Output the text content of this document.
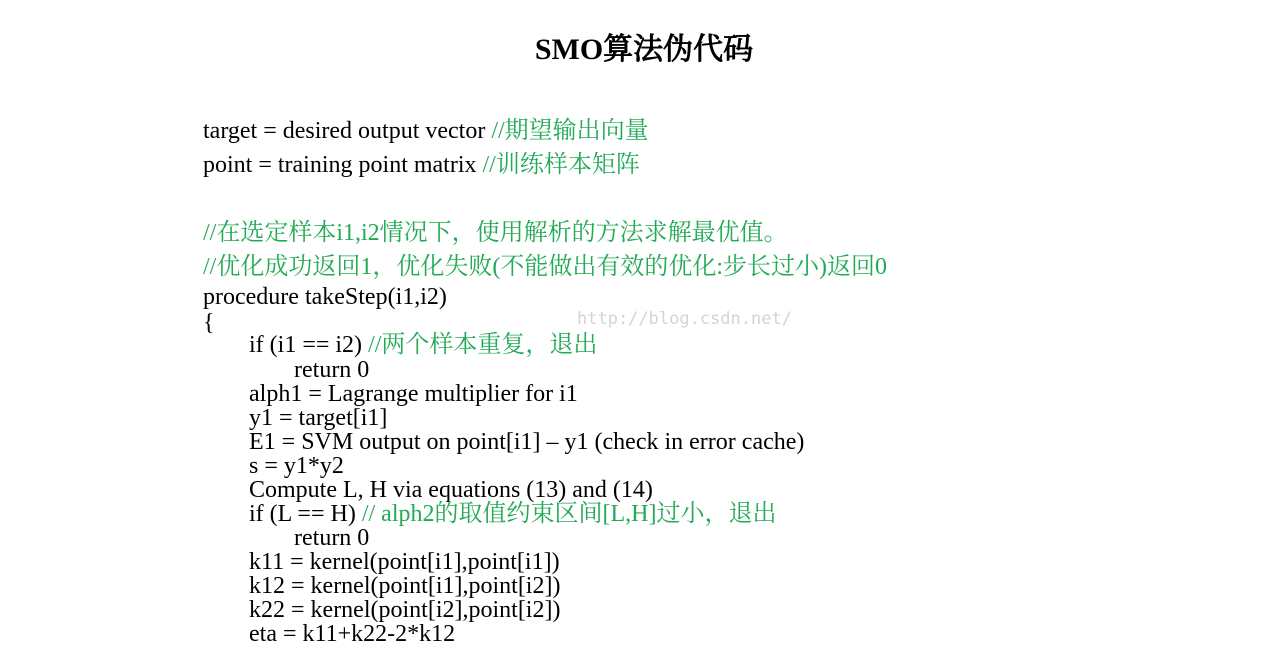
SMO算法伪代码

target = desired output vector //期望输出向量

point = training point matrix //训练样本矩阵

//在选定样本i1,i2情况下，使用解析的方法求解最优值。

//优化成功返回1，优化失败(不能做出有效的优化:步长过小)返回0

procedure takeStep(i1,i2)

{	http://blog.csdn.net/

if (i1 == i2) //两个样本重复，退出

return 0

alph1 = Lagrange multiplier for i1

y1 = target[i1]

E1 = SVM output on point[i1] – y1 (check in error cache)

s = y1*y2

Compute L, H via equations (13) and (14)

if (L == H) // alph2的取值约束区间[L,H]过小，退出

return 0

k11 = kernel(point[i1],point[i1])

k12 = kernel(point[i1],point[i2])

k22 = kernel(point[i2],point[i2])

eta = k11+k22-2*k12
